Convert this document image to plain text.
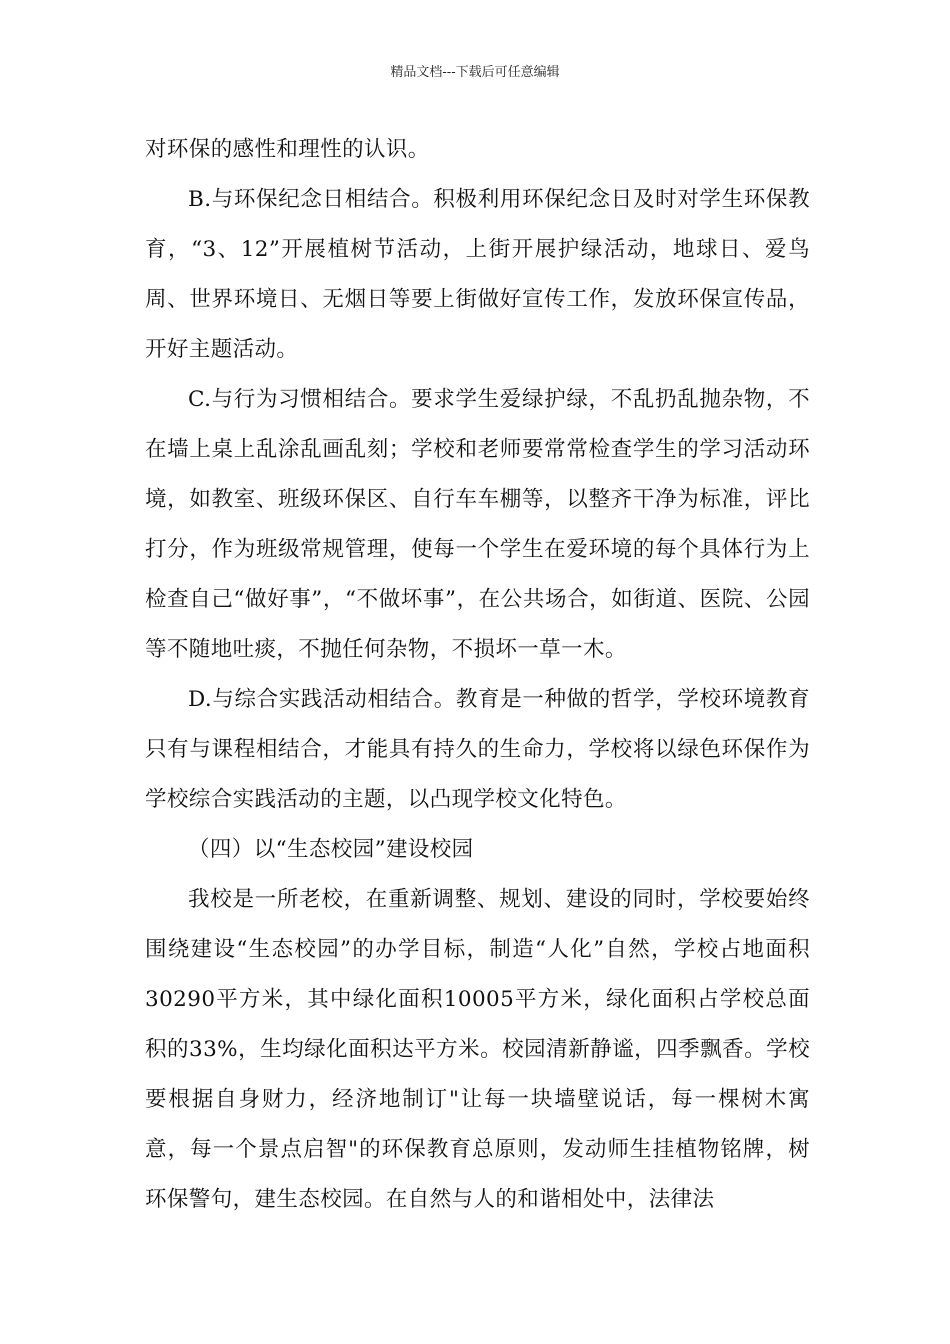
精品文档---下载后可任意编辑

对环保的感性和理性的认识。

B.与环保纪念日相结合。积极利用环保纪念日及时对学生环保教育，“3、12”开展植树节活动，上街开展护绿活动，地球日、爱鸟周、世界环境日、无烟日等要上街做好宣传工作，发放环保宣传品，开好主题活动。

C.与行为习惯相结合。要求学生爱绿护绿，不乱扔乱抛杂物，不在墙上桌上乱涂乱画乱刻；学校和老师要常常检查学生的学习活动环境，如教室、班级环保区、自行车车棚等，以整齐干净为标准，评比打分，作为班级常规管理，使每一个学生在爱环境的每个具体行为上检查自己“做好事”，“不做坏事”，在公共场合，如街道、医院、公园等不随地吐痰，不抛任何杂物，不损坏一草一木。

D.与综合实践活动相结合。教育是一种做的哲学，学校环境教育只有与课程相结合，才能具有持久的生命力，学校将以绿色环保作为学校综合实践活动的主题，以凸现学校文化特色。

（四）以“生态校园”建设校园

我校是一所老校，在重新调整、规划、建设的同时，学校要始终围绕建设“生态校园”的办学目标，制造“人化”自然，学校占地面积30290平方米，其中绿化面积10005平方米，绿化面积占学校总面积的33%，生均绿化面积达平方米。校园清新静谧，四季飘香。学校要根据自身财力，经济地制订"让每一块墙壁说话，每一棵树木寓意，每一个景点启智"的环保教育总原则，发动师生挂植物铭牌，树环保警句，建生态校园。在自然与人的和谐相处中，法律法
